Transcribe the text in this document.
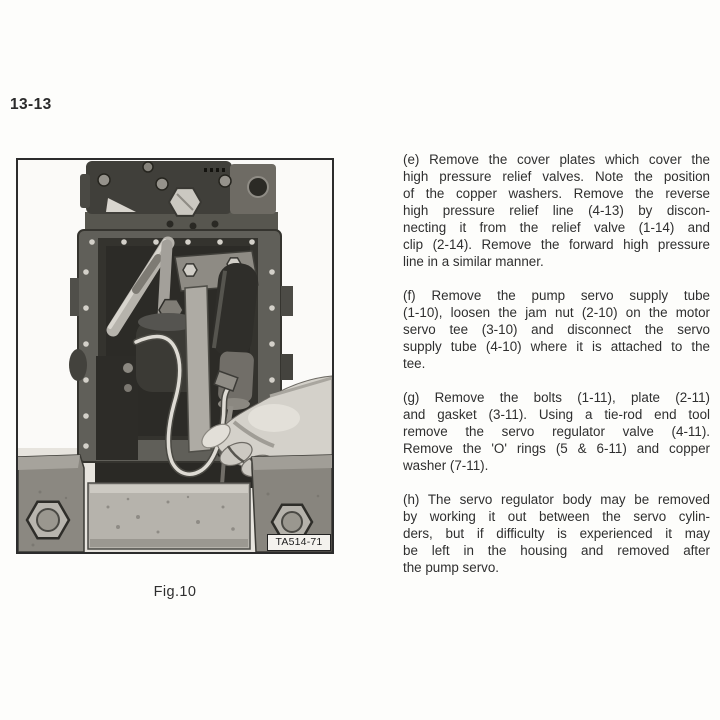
13-13
TA514-71
Fig.10

(e) Remove the cover plates which cover the
high pressure relief valves. Note the position
of the copper washers. Remove the reverse
high pressure relief line (4-13) by discon-
necting it from the relief valve (1-14) and
clip (2-14). Remove the forward high pressure
line in a similar manner.

(f) Remove the pump servo supply tube
(1-10), loosen the jam nut (2-10) on the motor
servo tee (3-10) and disconnect the servo
supply tube (4-10) where it is attached to the
tee.

(g) Remove the bolts (1-11), plate (2-11)
and gasket (3-11). Using a tie-rod end tool
remove the servo regulator valve (4-11).
Remove the 'O' rings (5 & 6-11) and copper
washer (7-11).

(h) The servo regulator body may be removed
by working it out between the servo cylin-
ders, but if difficulty is experienced it may
be left in the housing and removed after
the pump servo.
